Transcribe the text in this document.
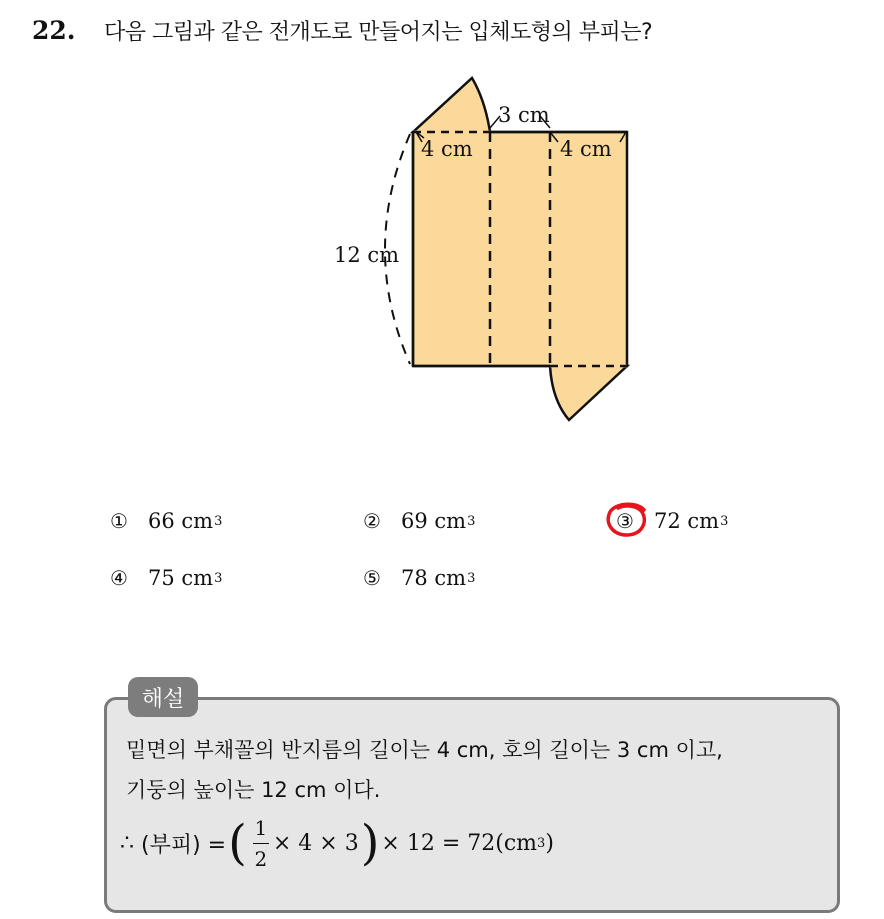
22.	다음 그림과 같은 전개도로 만들어지는 입체도형의 부피는?
3 cm
4 cm	4 cm
12 cm
① 66 cm 3	② 69 cm 3	③ 72 cm 3
④ 75 cm 3	⑤ 78 cm 3
해설
밑면의 부채꼴의 반지름의 길이는 4 cm, 호의 길이는 3 cm 이고,
기둥의 높이는 12 cm 이다.
∴
(부피) = ( $\frac{1}{2} \times 4 \times 3$ ) × 12 = 72( cm 3 )
